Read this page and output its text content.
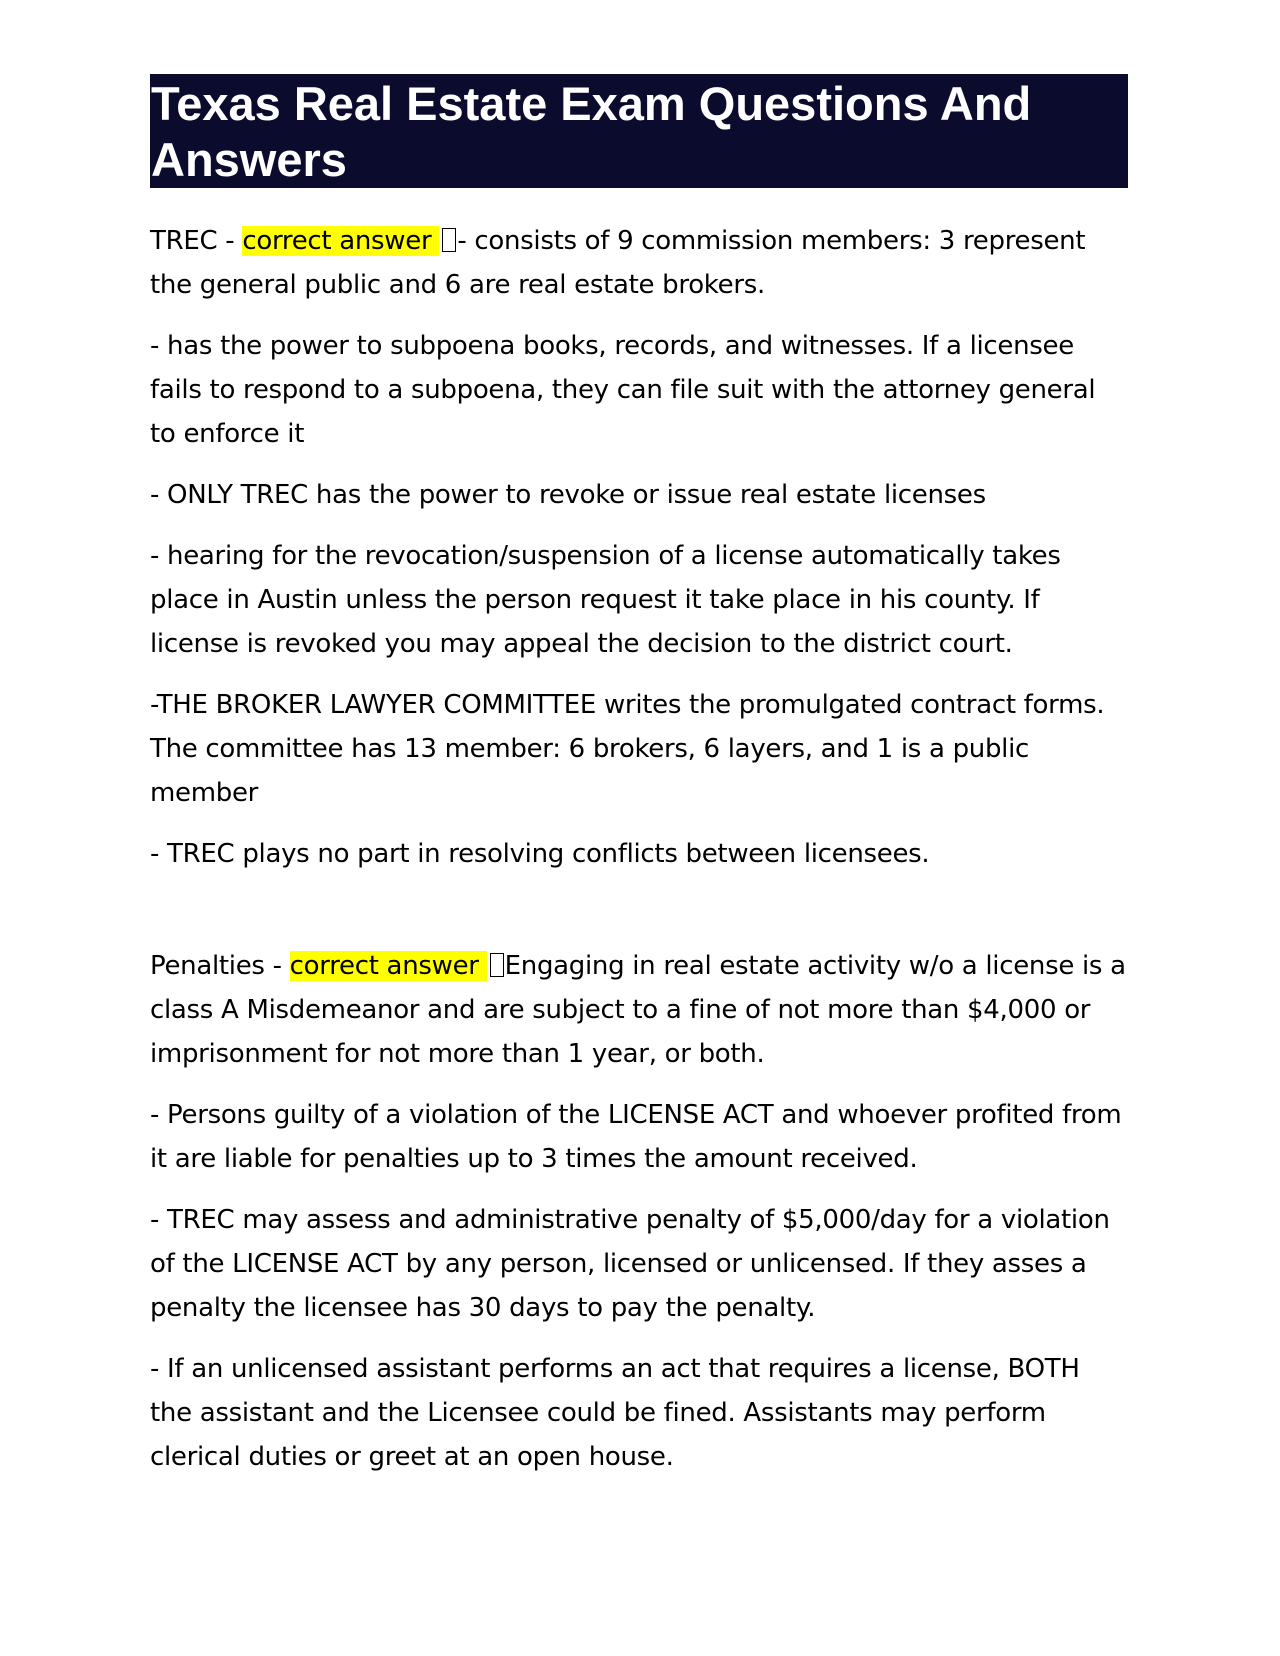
Texas Real Estate Exam Questions And Answers
TREC - correct answer - consists of 9 commission members: 3 represent the general public and 6 are real estate brokers.
- has the power to subpoena books, records, and witnesses. If a licensee fails to respond to a subpoena, they can file suit with the attorney general to enforce it
- ONLY TREC has the power to revoke or issue real estate licenses
- hearing for the revocation/suspension of a license automatically takes place in Austin unless the person request it take place in his county. If license is revoked you may appeal the decision to the district court.
-THE BROKER LAWYER COMMITTEE writes the promulgated contract forms. The committee has 13 member: 6 brokers, 6 layers, and 1 is a public member
- TREC plays no part in resolving conflicts between licensees.
Penalties - correct answer Engaging in real estate activity w/o a license is a class A Misdemeanor and are subject to a fine of not more than $4,000 or imprisonment for not more than 1 year, or both.
- Persons guilty of a violation of the LICENSE ACT and whoever profited from it are liable for penalties up to 3 times the amount received.
- TREC may assess and administrative penalty of $5,000/day for a violation of the LICENSE ACT by any person, licensed or unlicensed. If they asses a penalty the licensee has 30 days to pay the penalty.
- If an unlicensed assistant performs an act that requires a license, BOTH the assistant and the Licensee could be fined. Assistants may perform clerical duties or greet at an open house.
